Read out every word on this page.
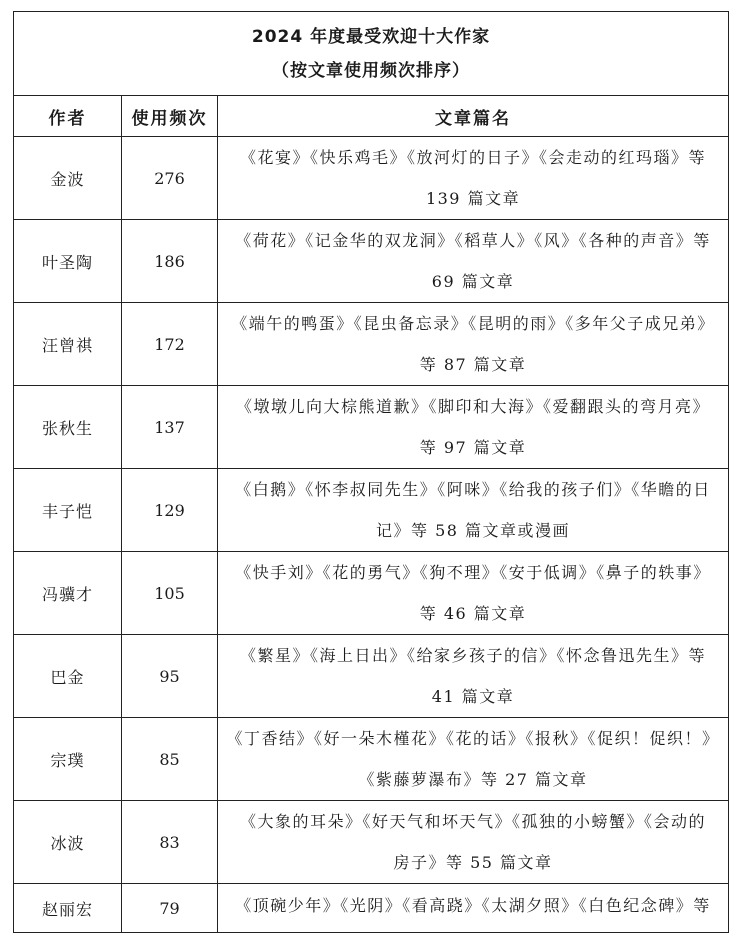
2024 年度最受欢迎十大作家
（按文章使用频次排序）		

作者	使用频次	文章篇名
金波	276	《花宴》《快乐鸡毛》《放河灯的日子》《会走动的红玛瑙》等
139 篇文章

叶圣陶	186	《荷花》《记金华的双龙洞》《稻草人》《风》《各种的声音》等
69 篇文章

汪曾祺	172	《端午的鸭蛋》《昆虫备忘录》《昆明的雨》《多年父子成兄弟》
等 87 篇文章

张秋生	137	《墩墩儿向大棕熊道歉》《脚印和大海》《爱翻跟头的弯月亮》
等 97 篇文章

丰子恺	129	《白鹅》《怀李叔同先生》《阿咪》《给我的孩子们》《华瞻的日
记》等 58 篇文章或漫画

冯骥才	105	《快手刘》《花的勇气》《狗不理》《安于低调》《鼻子的轶事》
等 46 篇文章

巴金	95	《繁星》《海上日出》《给家乡孩子的信》《怀念鲁迅先生》等
41 篇文章

宗璞	85	《丁香结》《好一朵木槿花》《花的话》《报秋》《促织！促织！》
《紫藤萝瀑布》等 27 篇文章

冰波	83	《大象的耳朵》《好天气和坏天气》《孤独的小螃蟹》《会动的
房子》等 55 篇文章

赵丽宏	79	《顶碗少年》《光阴》《看高跷》《太湖夕照》《白色纪念碑》等
